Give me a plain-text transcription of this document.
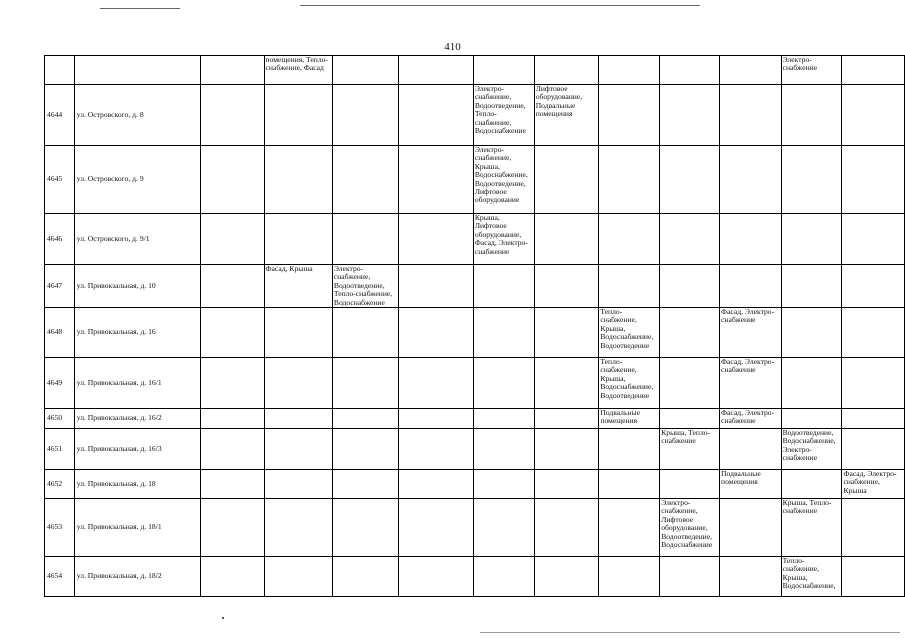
410
			помещения, Тепло-снабжение, Фасад								Электро-снабжение	
4644	ул. Островского, д. 8					Электро-снабжение, Водоотведение, Тепло-снабжение, Водоснабжение	Лифтовое оборудование, Подвальные помещения					
4645	ул. Островского, д. 9					Электро-снабжение, Крыша, Водоснабжение, Водоотведение, Лифтовое оборудование						
4646	ул. Островского, д. 9/1					Крыша, Лифтовое оборудование, Фасад, Электро-снабжение						
4647	ул. Привокзальная, д. 10		Фасад, Крыша	Электро-снабжение, Водоотведение, Тепло-снабжение, Водоснабжение								
4648	ул. Привокзальная, д. 16							Тепло-снабжение, Крыша, Водоснабжение, Водоотведение		Фасад, Электро-снабжение		
4649	ул. Привокзальная, д. 16/1							Тепло-снабжение, Крыша, Водоснабжение, Водоотведение		Фасад, Электро-снабжение		
4650	ул. Привокзальная, д. 16/2							Подвальные помещения		Фасад, Электро-снабжение		
4651	ул. Привокзальная, д. 16/3								Крыша, Тепло-снабжение		Водоотведение, Водоснабжение, Электро-снабжение	
4652	ул. Привокзальная, д. 18									Подвальные помещения		Фасад, Электро-снабжение, Крыша
4653	ул. Привокзальная, д. 18/1								Электро-снабжение, Лифтовое оборудование, Водоотведение, Водоснабжение		Крыша, Тепло-снабжение	
4654	ул. Привокзальная, д. 18/2										Тепло-снабжение, Крыша, Водоснабжение,	
